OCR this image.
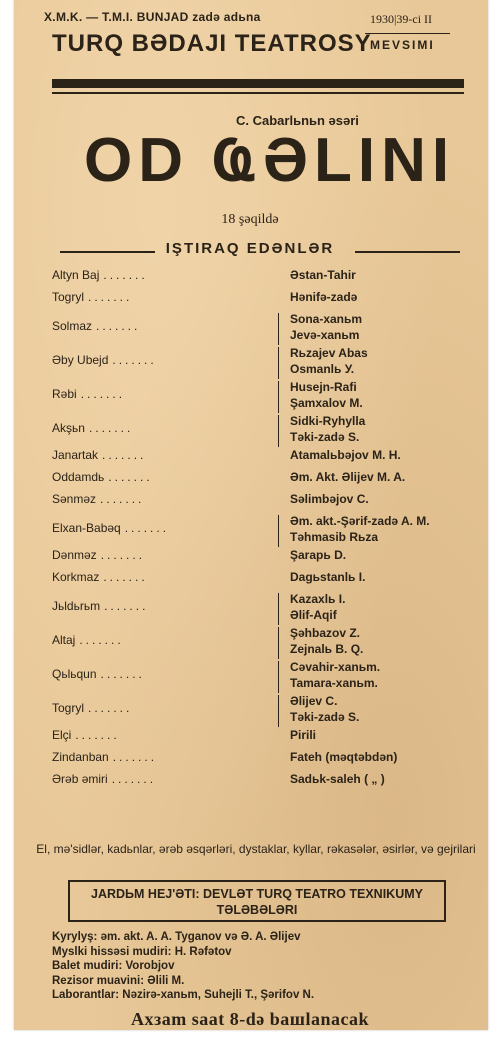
X.M.K. — T.M.I. BUNJAD zadə adьna	1930|39-ci II
TURQ BƏDAJI TEATROSY
MEVSIMI
C. Cabarlьnьn əsəri
OD ҨƏLINI
18 şəqildə
IŞTIRAQ EDƏNLƏR
Altyn Baj .......	Əstan-Tahir
Togryl .......	Hənifə-zadə
Solmaz .......	Sona-xanьm
Jevə-xanьm
Əby Ubejd .......	Rьzajev Abas
Osmanlь У.
Rəbi .......	Husejn-Rafi
Şamxalov M.
Akşьn .......	Sidki-Ryhylla
Təki-zadə S.
Janartak .......	Atamalьbəjov M. H.
Oddamdь .......	Əm. Akt. Əlijev M. A.
Sənməz .......	Səlimbəjov C.
Elxan-Babəq .......	Əm. akt.-Şərif-zadə A. M.
Təhmasib Rьza
Dənməz .......	Şarapь D.
Korkmaz .......	Dagьstanlь I.
Jьldьrьm .......	Kazaxlь I.
Əlif-Aqif
Altaj .......	Şəhbazov Z.
Zejnalь B. Q.
Qьlьqun .......	Cəvahir-xanьm.
Tamara-xanьm.
Togryl .......	Əlijev C.
Təki-zadə S.
Elçi .......	Pirili
Zindanban .......	Fateh (məqtəbdən)
Ərəb əmiri .......	Sadьk-saleh ( „ )
El, mə'sidlər, kadьnlar, ərəb əsqərləri, dystaklar, kyllar, rəkasələr, əsirlər, və gejrilari
JARDЬM HEJ'ƏTI: DEVLƏT TURQ TEATRO TEXNIKUMY TƏLƏBƏLƏRI
Kyrylyş: əm. akt. A. A. Tyganov və Ə. A. Əlijev
Myslki hissəsi mudiri: H. Rəfətov
Balet mudiri: Vorobjov
Rezisor muavini: Əlili M.
Laborantlar: Nəzirə-xanьm, Suhejli T., Şərifov N.
Axзam saat 8-də baшlanacak
